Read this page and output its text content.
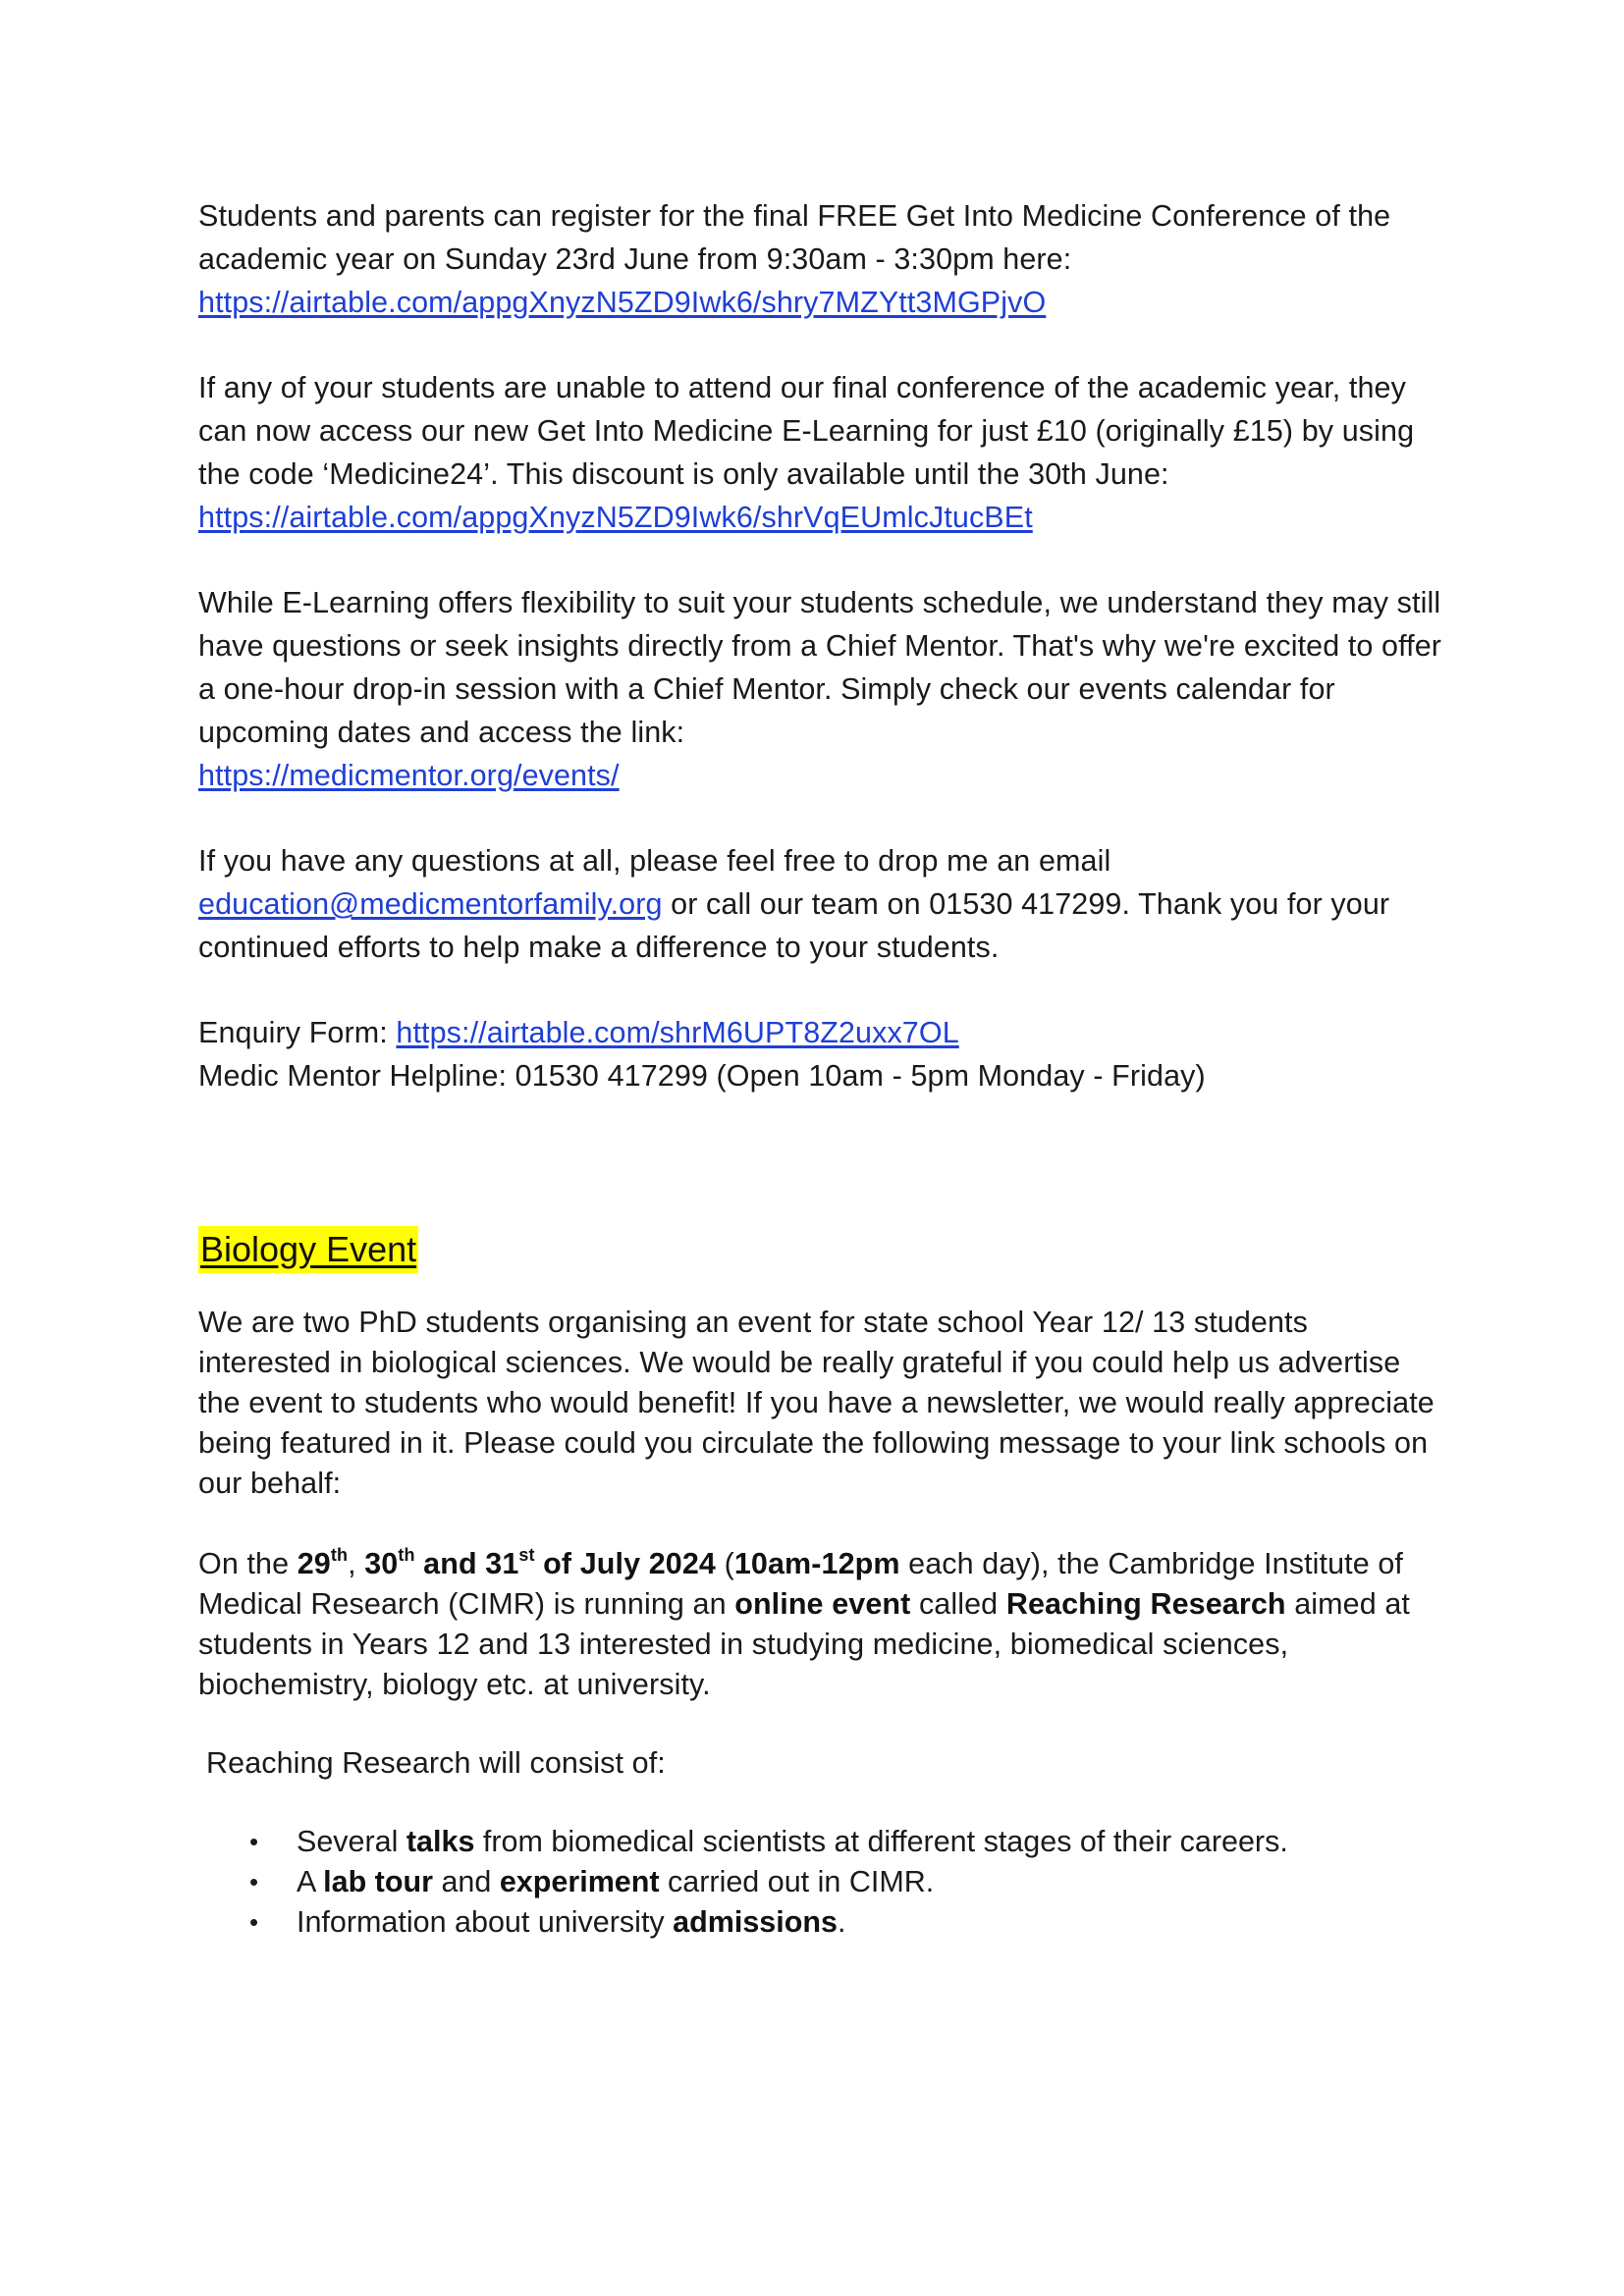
Students and parents can register for the final FREE Get Into Medicine Conference of the academic year on Sunday 23rd June from 9:30am - 3:30pm here:
https://airtable.com/appgXnyzN5ZD9Iwk6/shry7MZYtt3MGPjvO

If any of your students are unable to attend our final conference of the academic year, they can now access our new Get Into Medicine E-Learning for just £10 (originally £15) by using the code ‘Medicine24’. This discount is only available until the 30th June:
https://airtable.com/appgXnyzN5ZD9Iwk6/shrVqEUmlcJtucBEt

While E-Learning offers flexibility to suit your students schedule, we understand they may still have questions or seek insights directly from a Chief Mentor. That's why we're excited to offer a one-hour drop-in session with a Chief Mentor. Simply check our events calendar for upcoming dates and access the link:
https://medicmentor.org/events/

If you have any questions at all, please feel free to drop me an email
education@medicmentorfamily.org or call our team on 01530 417299. Thank you for your continued efforts to help make a difference to your students.

Enquiry Form: https://airtable.com/shrM6UPT8Z2uxx7OL
Medic Mentor Helpline: 01530 417299 (Open 10am - 5pm Monday - Friday)

Biology Event

We are two PhD students organising an event for state school Year 12/ 13 students interested in biological sciences. We would be really grateful if you could help us advertise the event to students who would benefit! If you have a newsletter, we would really appreciate being featured in it. Please could you circulate the following message to your link schools on our behalf:

On the 29th, 30th and 31st of July 2024 (10am-12pm each day), the Cambridge Institute of Medical Research (CIMR) is running an online event called Reaching Research aimed at students in Years 12 and 13 interested in studying medicine, biomedical sciences, biochemistry, biology etc. at university.

Reaching Research will consist of:

• Several talks from biomedical scientists at different stages of their careers.
• A lab tour and experiment carried out in CIMR.
• Information about university admissions.
